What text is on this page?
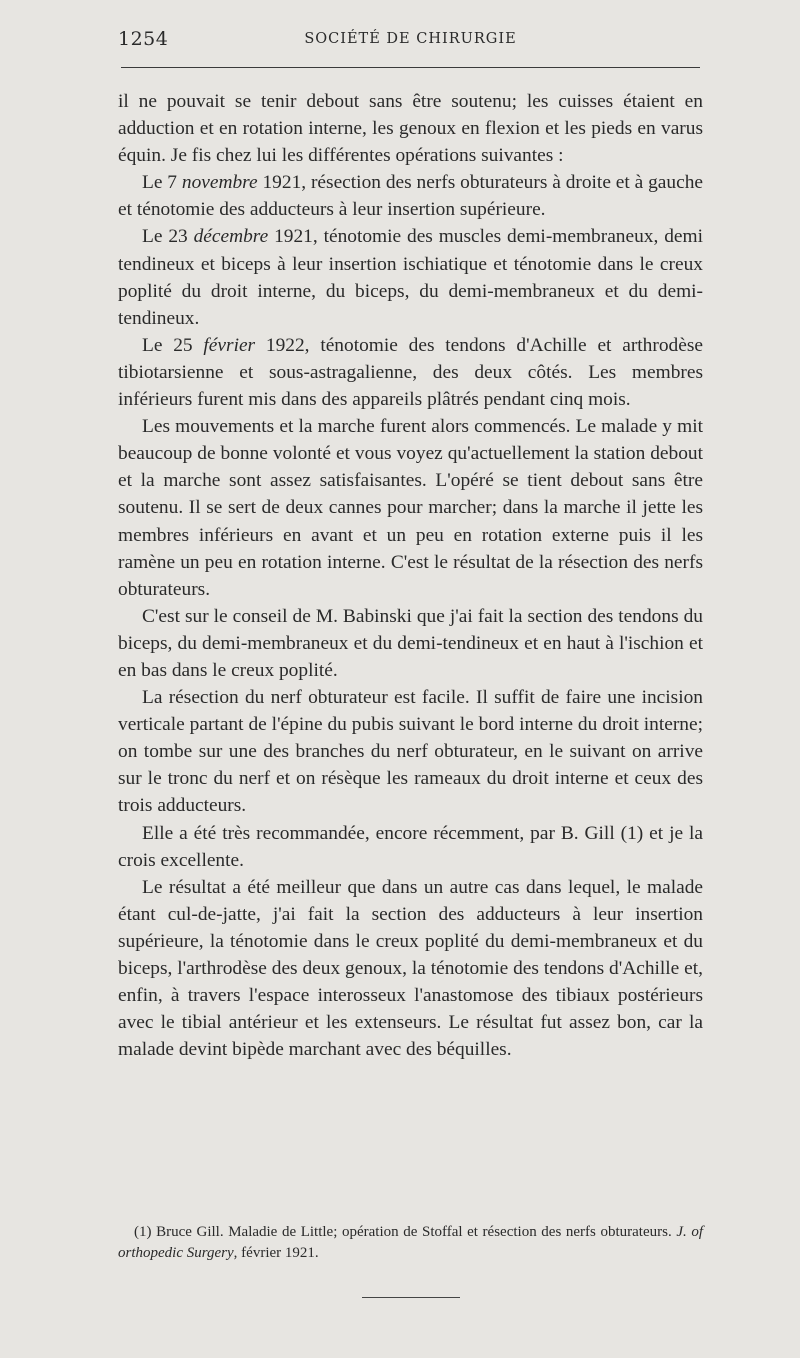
1254	SOCIÉTÉ DE CHIRURGIE

il ne pouvait se tenir debout sans être soutenu; les cuisses étaient en adduction et en rotation interne, les genoux en flexion et les pieds en varus équin. Je fis chez lui les différentes opérations suivantes :

Le 7 novembre 1921, résection des nerfs obturateurs à droite et à gauche et ténotomie des adducteurs à leur insertion supérieure.

Le 23 décembre 1921, ténotomie des muscles demi-membraneux, demi tendineux et biceps à leur insertion ischiatique et ténotomie dans le creux poplité du droit interne, du biceps, du demi-membraneux et du demi-tendineux.

Le 25 février 1922, ténotomie des tendons d'Achille et arthrodèse tibiotarsienne et sous-astragalienne, des deux côtés. Les membres inférieurs furent mis dans des appareils plâtrés pendant cinq mois.

Les mouvements et la marche furent alors commencés. Le malade y mit beaucoup de bonne volonté et vous voyez qu'actuellement la station debout et la marche sont assez satisfaisantes. L'opéré se tient debout sans être soutenu. Il se sert de deux cannes pour marcher; dans la marche il jette les membres inférieurs en avant et un peu en rotation externe puis il les ramène un peu en rotation interne. C'est le résultat de la résection des nerfs obturateurs.

C'est sur le conseil de M. Babinski que j'ai fait la section des tendons du biceps, du demi-membraneux et du demi-tendineux et en haut à l'ischion et en bas dans le creux poplité.

La résection du nerf obturateur est facile. Il suffit de faire une incision verticale partant de l'épine du pubis suivant le bord interne du droit interne; on tombe sur une des branches du nerf obturateur, en le suivant on arrive sur le tronc du nerf et on résèque les rameaux du droit interne et ceux des trois adducteurs.

Elle a été très recommandée, encore récemment, par B. Gill (1) et je la crois excellente.

Le résultat a été meilleur que dans un autre cas dans lequel, le malade étant cul-de-jatte, j'ai fait la section des adducteurs à leur insertion supérieure, la ténotomie dans le creux poplité du demi-membraneux et du biceps, l'arthrodèse des deux genoux, la ténotomie des tendons d'Achille et, enfin, à travers l'espace interosseux l'anastomose des tibiaux postérieurs avec le tibial antérieur et les extenseurs. Le résultat fut assez bon, car la malade devint bipède marchant avec des béquilles.

(1) Bruce Gill. Maladie de Little; opération de Stoffal et résection des nerfs obturateurs. J. of orthopedic Surgery, février 1921.
